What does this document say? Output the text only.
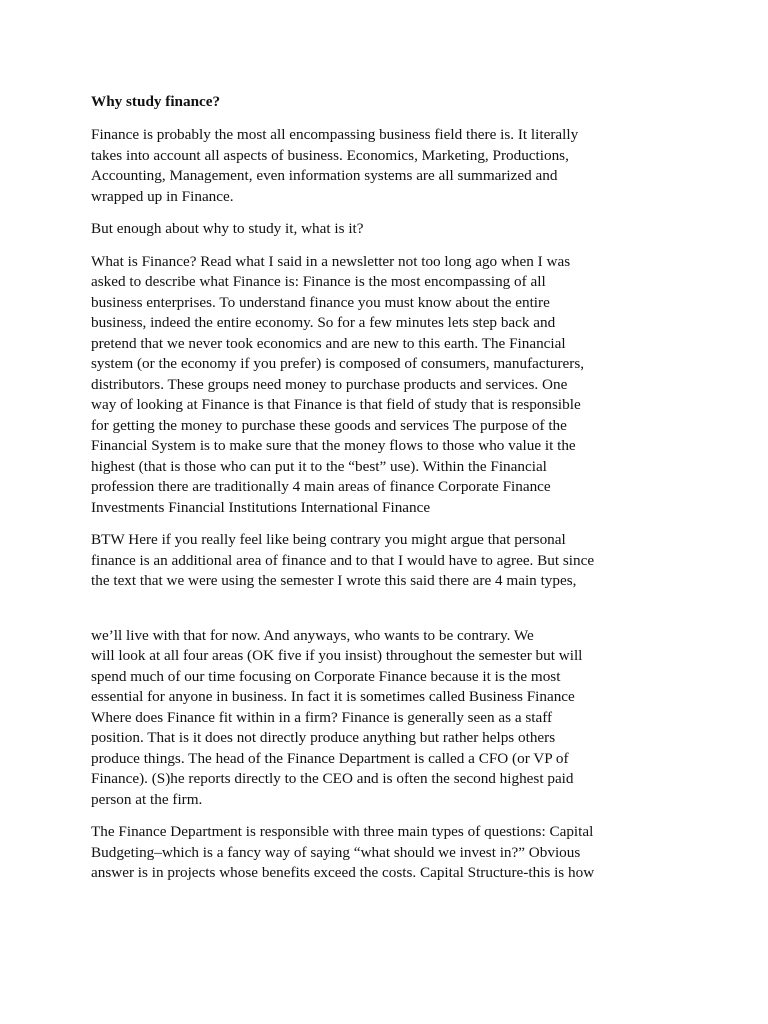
Why study finance?
Finance is probably the most all encompassing business field there is. It literally
takes into account all aspects of business. Economics, Marketing, Productions,
Accounting, Management, even information systems are all summarized and
wrapped up in Finance.
But enough about why to study it, what is it?
What is Finance? Read what I said in a newsletter not too long ago when I was
asked to describe what Finance is: Finance is the most encompassing of all
business enterprises. To understand finance you must know about the entire
business, indeed the entire economy. So for a few minutes lets step back and
pretend that we never took economics and are new to this earth. The Financial
system (or the economy if you prefer) is composed of consumers, manufacturers,
distributors. These groups need money to purchase products and services. One
way of looking at Finance is that Finance is that field of study that is responsible
for getting the money to purchase these goods and services The purpose of the
Financial System is to make sure that the money flows to those who value it the
highest (that is those who can put it to the “best” use). Within the Financial
profession there are traditionally 4 main areas of finance Corporate Finance
Investments Financial Institutions International Finance
BTW Here if you really feel like being contrary you might argue that personal
finance is an additional area of finance and to that I would have to agree. But since
the text that we were using the semester I wrote this said there are 4 main types,
we’ll live with that for now. And anyways, who wants to be contrary. We
will look at all four areas (OK five if you insist) throughout the semester but will
spend much of our time focusing on Corporate Finance because it is the most
essential for anyone in business. In fact it is sometimes called Business Finance
Where does Finance fit within in a firm? Finance is generally seen as a staff
position. That is it does not directly produce anything but rather helps others
produce things. The head of the Finance Department is called a CFO (or VP of
Finance). (S)he reports directly to the CEO and is often the second highest paid
person at the firm.
The Finance Department is responsible with three main types of questions: Capital
Budgeting–which is a fancy way of saying “what should we invest in?” Obvious
answer is in projects whose benefits exceed the costs. Capital Structure-this is how
